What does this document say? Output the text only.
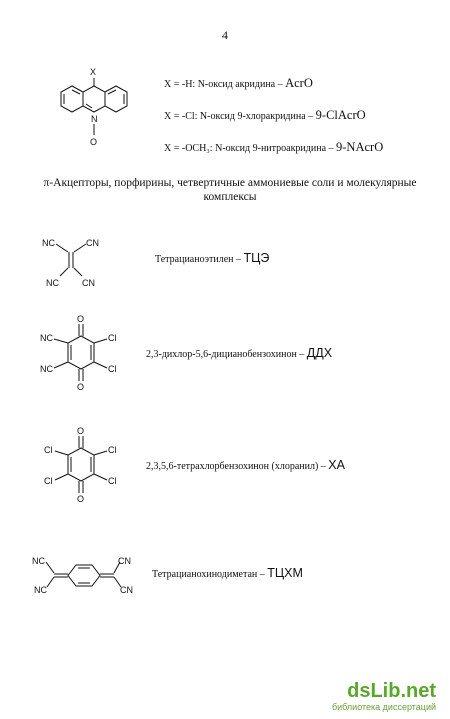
4
X
N
O
X = -H: N-оксид акридина – AcrO
X = -Cl: N-оксид 9-хлоракридина – 9-ClAcrO
X = -OCH₃: N-оксид 9-нитроакридина – 9-NAcrO
π-Акцепторы, порфирины, четвертичные аммониевые соли и молекулярные комплексы
NC	CN
NC	CN
Тетрацианоэтилен – ТЦЭ
O
NC	Cl
NC	Cl
O
2,3-дихлор-5,6-дицианобензохинон – ДДХ
O
Cl	Cl
Cl	Cl
O
2,3,5,6-тетрахлорбензохинон (хлоранил) – ХА
NC
NC
CN
CN
Тетрацианохинодиметан – ТЦХМ
dsLib.net
библиотека диссертаций
